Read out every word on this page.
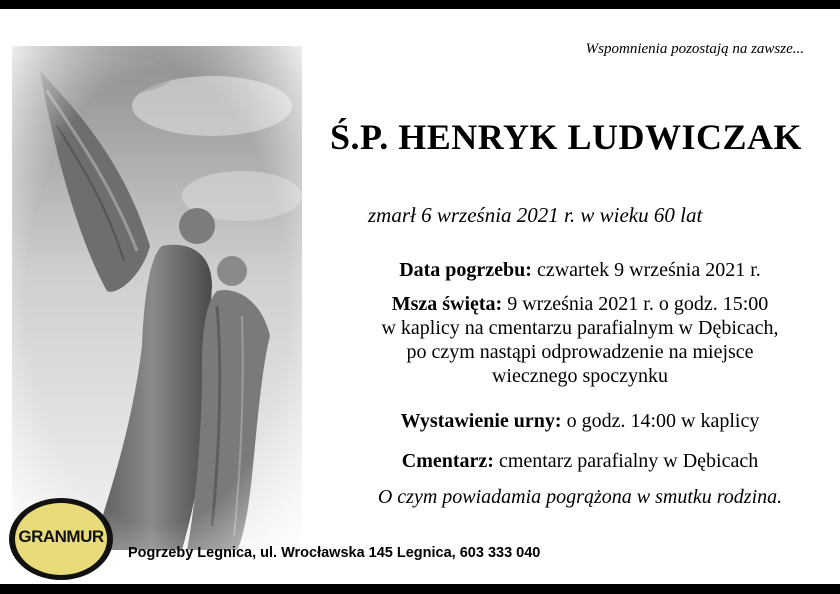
Wspomnienia pozostają na zawsze...
Ś.P. HENRYK LUDWICZAK
zmarł 6 września 2021 r. w wieku 60 lat
Data pogrzebu: czwartek 9 września 2021 r.
Msza święta: 9 września 2021 r. o godz. 15:00
w kaplicy na cmentarzu parafialnym w Dębicach,
po czym nastąpi odprowadzenie na miejsce
wiecznego spoczynku
Wystawienie urny: o godz. 14:00 w kaplicy
Cmentarz: cmentarz parafialny w Dębicach
O czym powiadamia pogrążona w smutku rodzina.
GRANMUR
Pogrzeby Legnica, ul. Wrocławska 145 Legnica, 603 333 040
